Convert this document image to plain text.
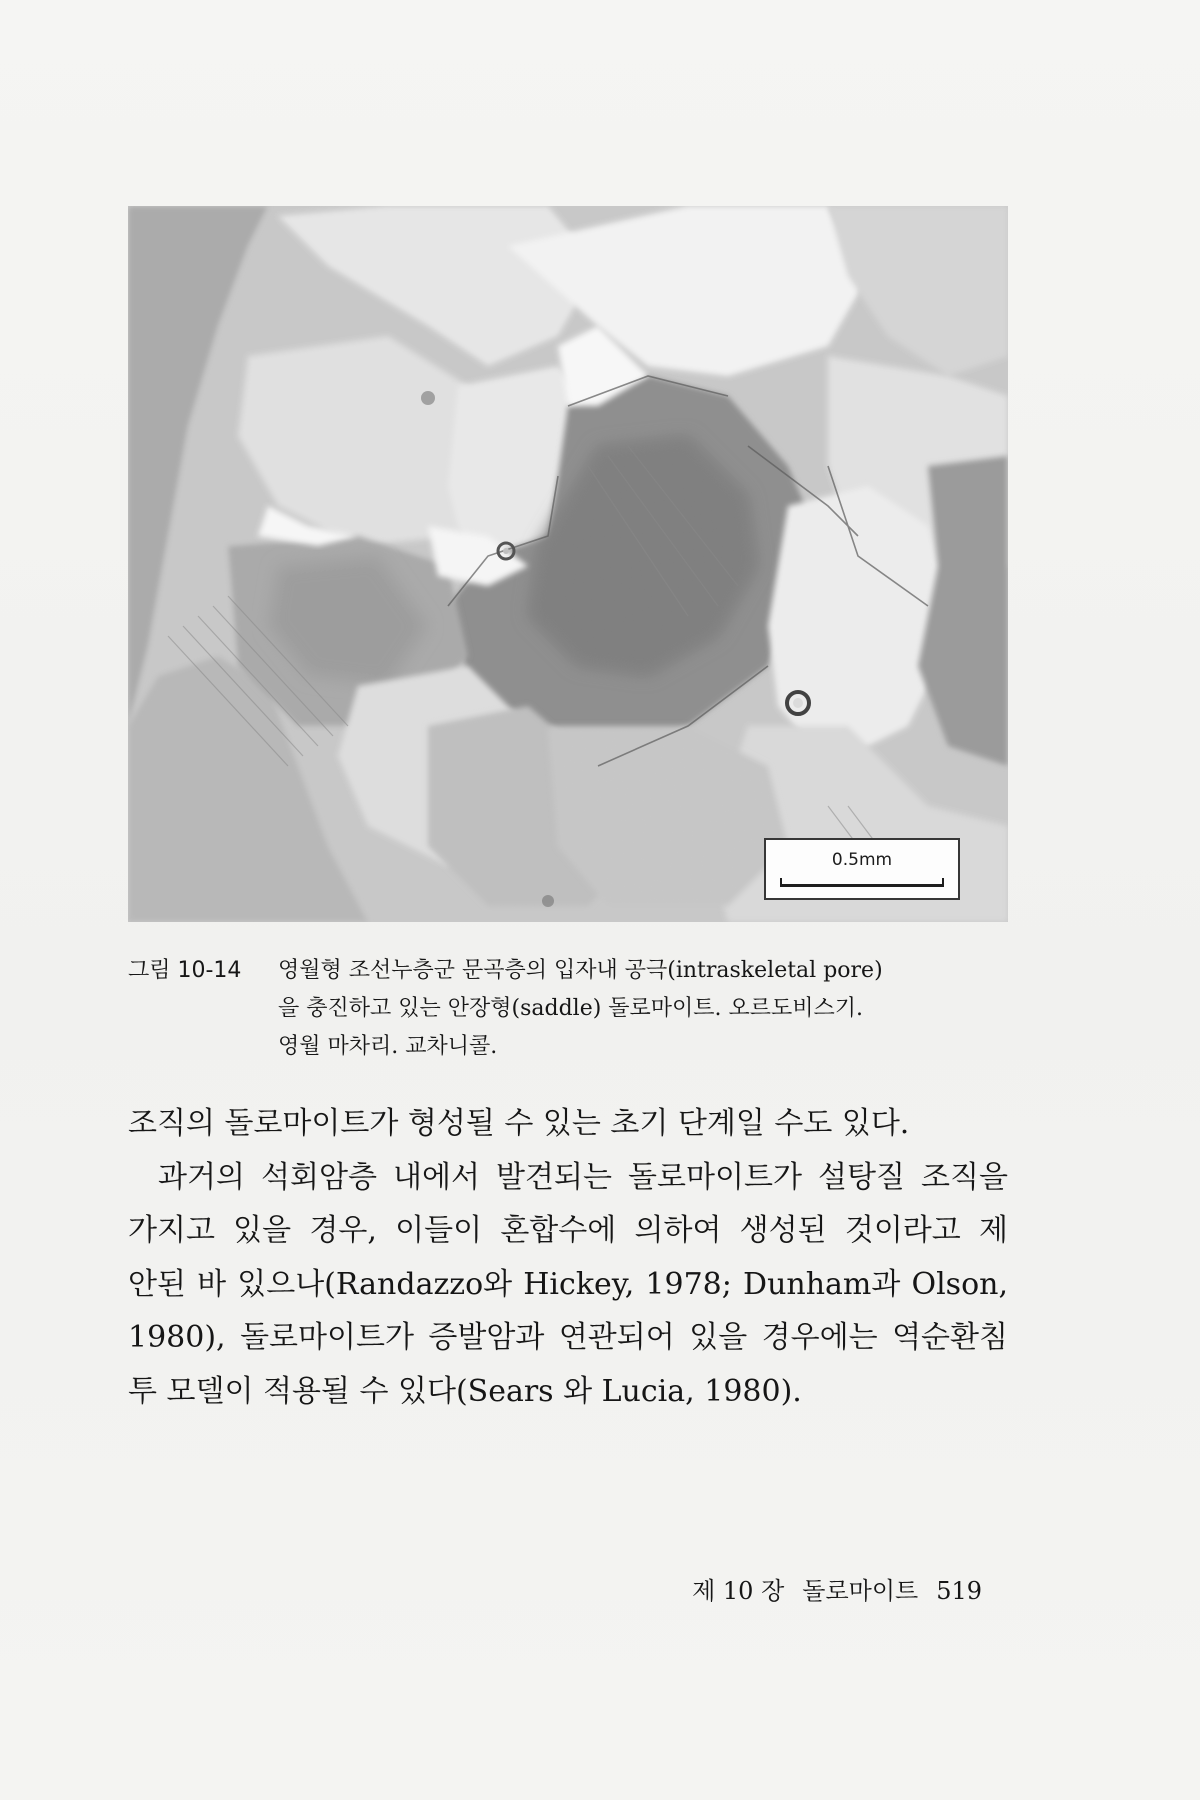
0.5mm
그림 10-14 영월형 조선누층군 문곡층의 입자내 공극(intraskeletal pore)
을 충진하고 있는 안장형(saddle) 돌로마이트. 오르도비스기.
영월 마차리. 교차니콜.
조직의 돌로마이트가 형성될 수 있는 초기 단계일 수도 있다.
과거의 석회암층 내에서 발견되는 돌로마이트가 설탕질 조직을
가지고 있을 경우, 이들이 혼합수에 의하여 생성된 것이라고 제
안된 바 있으나(Randazzo와 Hickey, 1978; Dunham과 Olson,
1980), 돌로마이트가 증발암과 연관되어 있을 경우에는 역순환침
투 모델이 적용될 수 있다(Sears 와 Lucia, 1980).
제 10 장 돌로마이트 519
